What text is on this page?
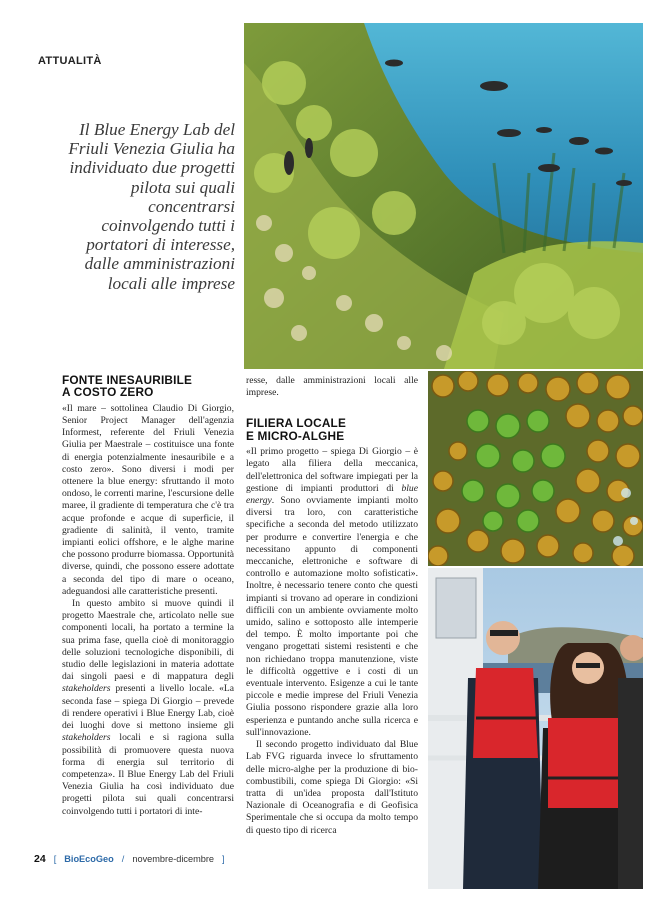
ATTUALITÀ
Il Blue Energy Lab del Friuli Venezia Giulia ha individuato due progetti pilota sui quali concentrarsi coinvolgendo tutti i portatori di interesse, dalle amministrazioni locali alle imprese
FONTE INESAURIBILE
A COSTO ZERO

«Il mare – sottolinea Claudio Di Giorgio, Senior Project Manager dell'agenzia Informest, referente del Friuli Venezia Giulia per Maestrale – costituisce una fonte di energia potenzialmente inesauribile e a costo zero». Sono diversi i modi per ottenere la blue energy: sfruttando il moto ondoso, le correnti marine, l'escursione delle maree, il gradiente di temperatura che c'è tra acque profonde e acque di superficie, il gradiente di salinità, il vento, tramite impianti eolici offshore, e le alghe marine che possono produrre biomassa. Opportunità diverse, quindi, che possono essere adottate a seconda del tipo di mare o oceano, adeguandosi alle caratteristiche presenti.

In questo ambito si muove quindi il progetto Maestrale che, articolato nelle sue componenti locali, ha portato a termine la sua prima fase, quella cioè di monitoraggio delle soluzioni tecnologiche disponibili, di studio delle legislazioni in materia adottate dai singoli paesi e di mappatura degli stakeholders presenti a livello locale. «La seconda fase – spiega Di Giorgio – prevede di rendere operativi i Blue Energy Lab, cioè dei luoghi dove si mettono insieme gli stakeholders locali e si ragiona sulla possibilità di promuovere questa nuova forma di energia sul territorio di competenza». Il Blue Energy Lab del Friuli Venezia Giulia ha così individuato due progetti pilota sui quali concentrarsi coinvolgendo tutti i portatori di inte-

resse, dalle amministrazioni locali alle imprese.

FILIERA LOCALE
E MICRO-ALGHE

«Il primo progetto – spiega Di Giorgio – è legato alla filiera della meccanica, dell'elettronica del software impiegati per la gestione di impianti produttori di blue energy. Sono ovviamente impianti molto diversi tra loro, con caratteristiche specifiche a seconda del metodo utilizzato per produrre e convertire l'energia e che necessitano appunto di componenti meccaniche, elettroniche e software di controllo e automazione molto sofisticati». Inoltre, è necessario tenere conto che questi impianti si trovano ad operare in condizioni difficili con un ambiente ovviamente molto umido, salino e sottoposto alle intemperie del tempo. È molto importante poi che vengano progettati sistemi resistenti e che non richiedano troppa manutenzione, viste le difficoltà oggettive e i costi di un eventuale intervento. Esigenze a cui le tante piccole e medie imprese del Friuli Venezia Giulia possono rispondere grazie alla loro esperienza e puntando anche sulla ricerca e sull'innovazione.

Il secondo progetto individuato dal Blue Lab FVG riguarda invece lo sfruttamento delle micro-alghe per la produzione di bio-combustibili, come spiega Di Giorgio: «Si tratta di un'idea proposta dall'Istituto Nazionale di Oceanografia e di Geofisica Sperimentale che si occupa da molto tempo di questo tipo di ricerca

24 [ BioEcoGeo / novembre-dicembre ]
